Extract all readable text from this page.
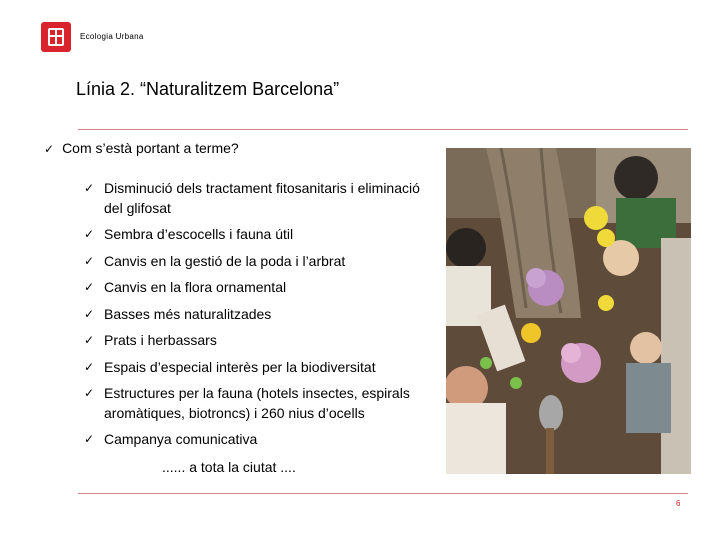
Ecologia Urbana
Línia 2. “Naturalitzem Barcelona”
✓ Com s’està portant a terme?
✓ Disminució dels tractament fitosanitaris i eliminació del glifosat
✓ Sembra d’escocells i fauna útil
✓ Canvis en la gestió de la poda i l’arbrat
✓ Canvis en la flora ornamental
✓ Basses més naturalitzades
✓ Prats i herbassars
✓ Espais d’especial interès per la biodiversitat
✓ Estructures per la fauna (hotels insectes, espirals aromàtiques, biotroncs) i 260 nius d’ocells
✓ Campanya comunicativa
...... a tota la ciutat ....
6
